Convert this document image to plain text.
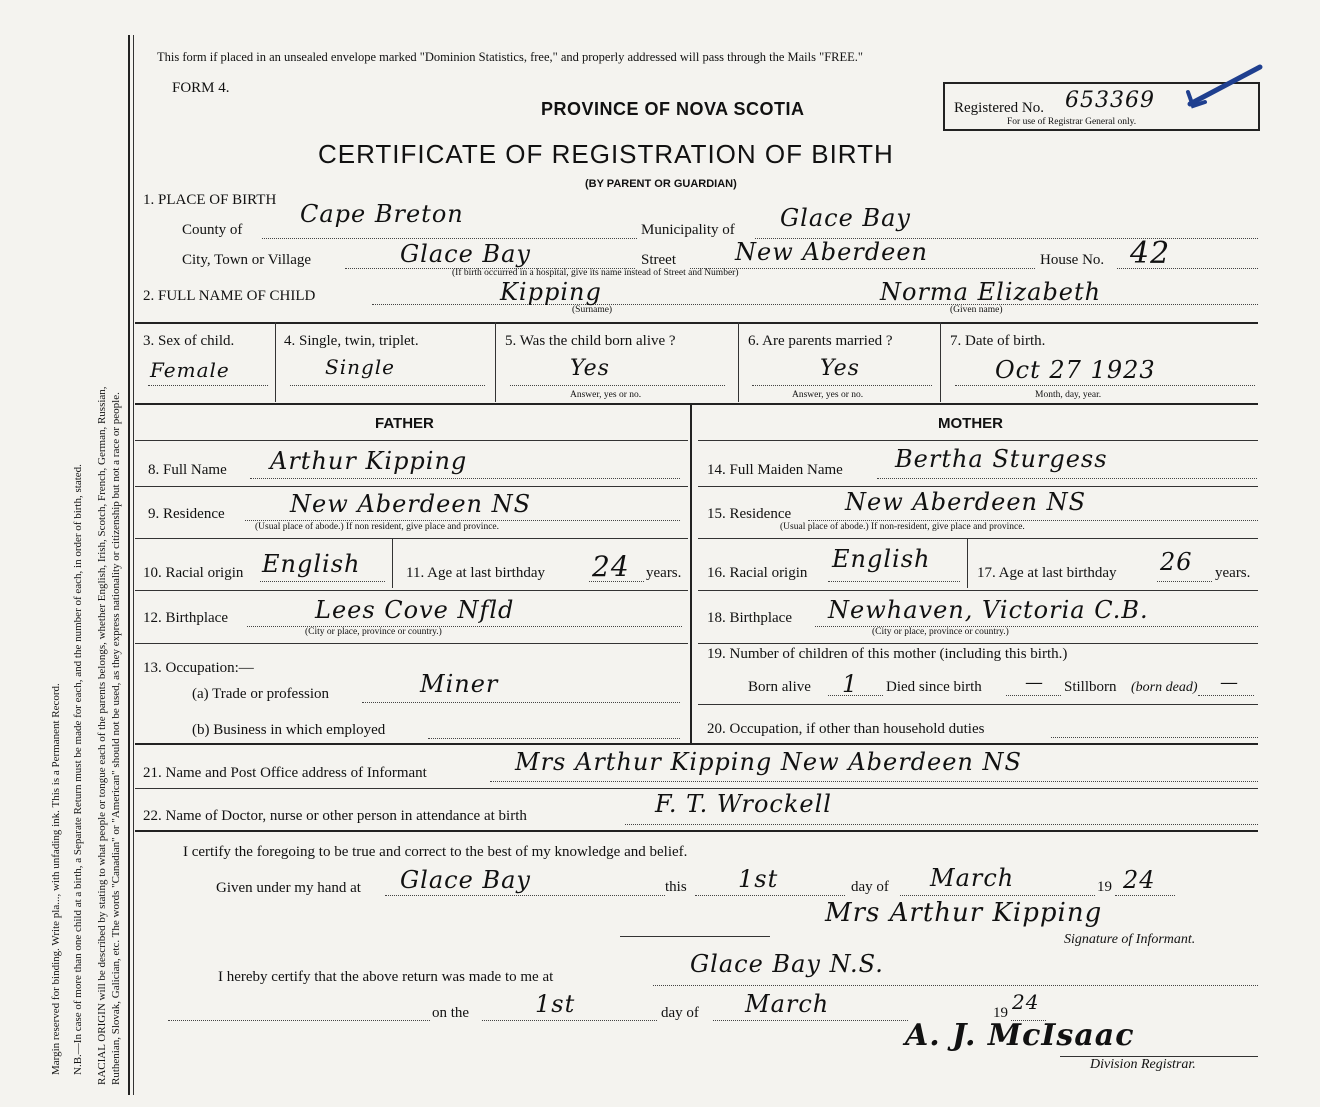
Margin reserved for binding. Write pla..., with unfading ink. This is a Permanent Record. N.B.—In case of more than one child at a birth, a Separate Return must be made for each, and the number of each, in order of birth, stated. RACIAL ORIGIN will be described by stating to what people or tongue each of the parents belongs, whether English, Irish, Scotch, French, German, Russian, Ruthenian, Slovak, Galician, etc. The words "Canadian" or "American" should not be used, as they express nationality or citizenship but not a race or people.
This form if placed in an unsealed envelope marked "Dominion Statistics, free," and properly addressed will pass through the Mails "FREE."
FORM 4.
PROVINCE OF NOVA SCOTIA
CERTIFICATE OF REGISTRATION OF BIRTH
(BY PARENT OR GUARDIAN)
Registered No. 653369
For use of Registrar General only.
1. PLACE OF BIRTH
County of
Cape Breton
Municipality of Glace Bay
City, Town or Village	Glace Bay	Street New Aberdeen
(If birth occurred in a hospital, give its name instead of Street and Number)
House No. 42
2. FULL NAME OF CHILD	Kipping
(Surname)
Norma Elizabeth
(Given name)
3. Sex of child.
Female
4. Single, twin, triplet.
Single
5. Was the child born alive ?
Yes
Answer, yes or no.
6. Are parents married ?
Yes
Answer, yes or no.
7. Date of birth.
Oct 27 1923
Month, day, year.
FATHER	MOTHER
8. Full Name Arthur Kipping
9. Residence	New Aberdeen NS
(Usual place of abode.) If non resident, give place and province.
10. Racial origin English	11. Age at last birthday 24 years.
12. Birthplace	Lees Cove Nfld
(City or place, province or country.)
13. Occupation:—
(a) Trade or profession	Miner
(b) Business in which employed
14. Full Maiden Name Bertha Sturgess
15. Residence New Aberdeen NS
(Usual place of abode.) If non-resident, give place and province.
16. Racial origin English	17. Age at last birthday 26 years.
18. Birthplace Newhaven, Victoria C.B.
(City or place, province or country.)
19. Number of children of this mother (including this birth.)
Born alive 1 Died since birth — Stillborn (born dead) —
20. Occupation, if other than household duties
21. Name and Post Office address of Informant	Mrs Arthur Kipping New Aberdeen NS
22. Name of Doctor, nurse or other person in attendance at birth	F. T. Wrockell
I certify the foregoing to be true and correct to the best of my knowledge and belief.
Given under my hand at Glace Bay	this 1st	day of March	19 24
Mrs Arthur Kipping
Signature of Informant.
I hereby certify that the above return was made to me at	Glace Bay N.S.
on the	1st	day of March	19 24
A. J. McIsaac
Division Registrar.
